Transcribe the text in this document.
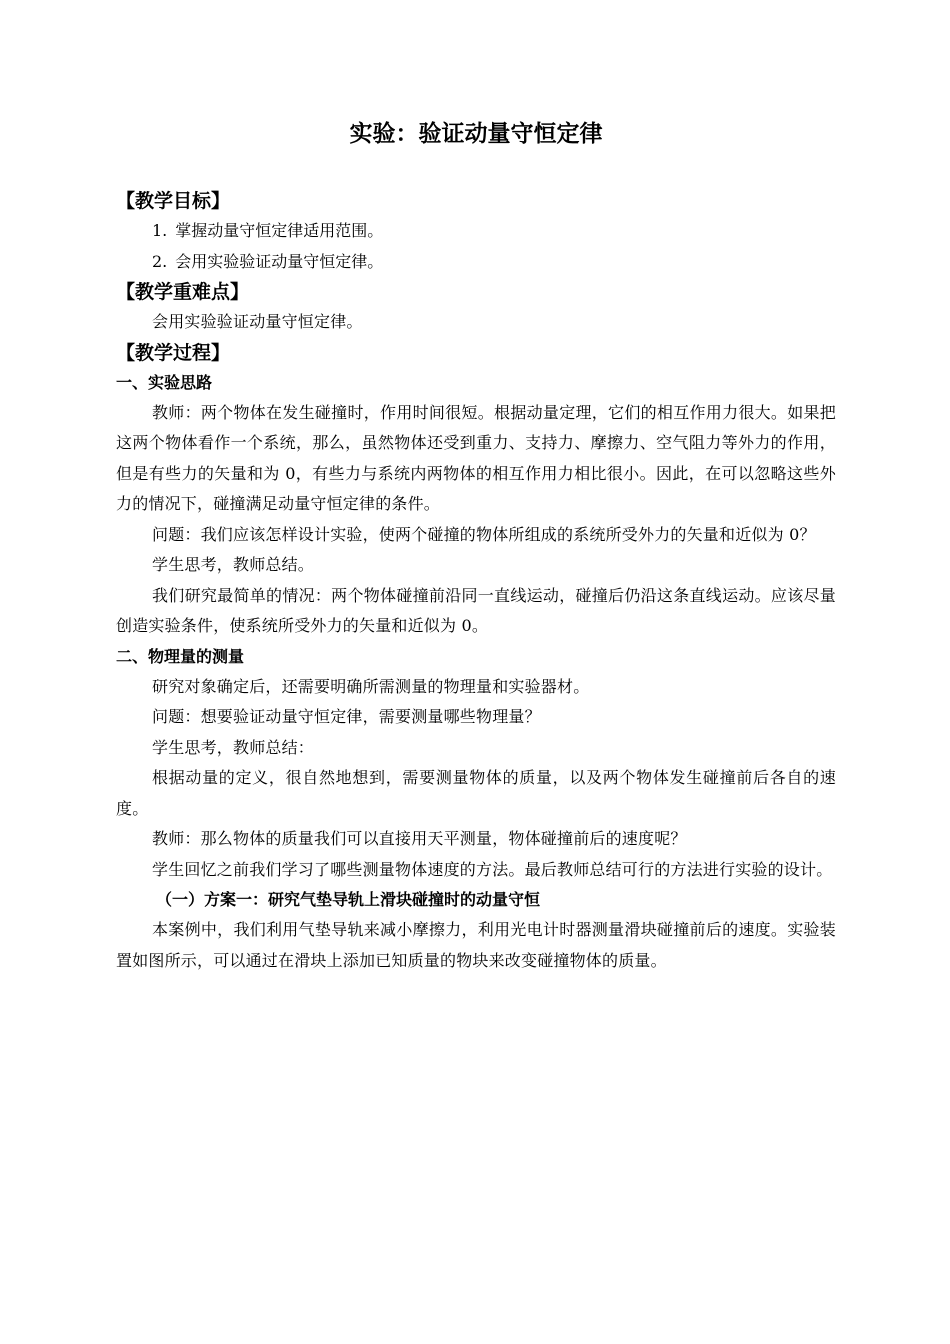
实验：验证动量守恒定律
【教学目标】
1. 掌握动量守恒定律适用范围。
2. 会用实验验证动量守恒定律。
【教学重难点】

会用实验验证动量守恒定律。

【教学过程】
一、实验思路

教师：两个物体在发生碰撞时，作用时间很短。根据动量定理，它们的相互作用力很大。如果把这两个物体看作一个系统，那么，虽然物体还受到重力、支持力、摩擦力、空气阻力等外力的作用，但是有些力的矢量和为 0，有些力与系统内两物体的相互作用力相比很小。因此，在可以忽略这些外力的情况下，碰撞满足动量守恒定律的条件。

问题：我们应该怎样设计实验，使两个碰撞的物体所组成的系统所受外力的矢量和近似为 0？

学生思考，教师总结。

我们研究最简单的情况：两个物体碰撞前沿同一直线运动，碰撞后仍沿这条直线运动。应该尽量创造实验条件，使系统所受外力的矢量和近似为 0。

二、物理量的测量

研究对象确定后，还需要明确所需测量的物理量和实验器材。

问题：想要验证动量守恒定律，需要测量哪些物理量？

学生思考，教师总结：

根据动量的定义，很自然地想到，需要测量物体的质量，以及两个物体发生碰撞前后各自的速度。

教师：那么物体的质量我们可以直接用天平测量，物体碰撞前后的速度呢？

学生回忆之前我们学习了哪些测量物体速度的方法。最后教师总结可行的方法进行实验的设计。

（一）方案一：研究气垫导轨上滑块碰撞时的动量守恒

本案例中，我们利用气垫导轨来减小摩擦力，利用光电计时器测量滑块碰撞前后的速度。实验装置如图所示，可以通过在滑块上添加已知质量的物块来改变碰撞物体的质量。
